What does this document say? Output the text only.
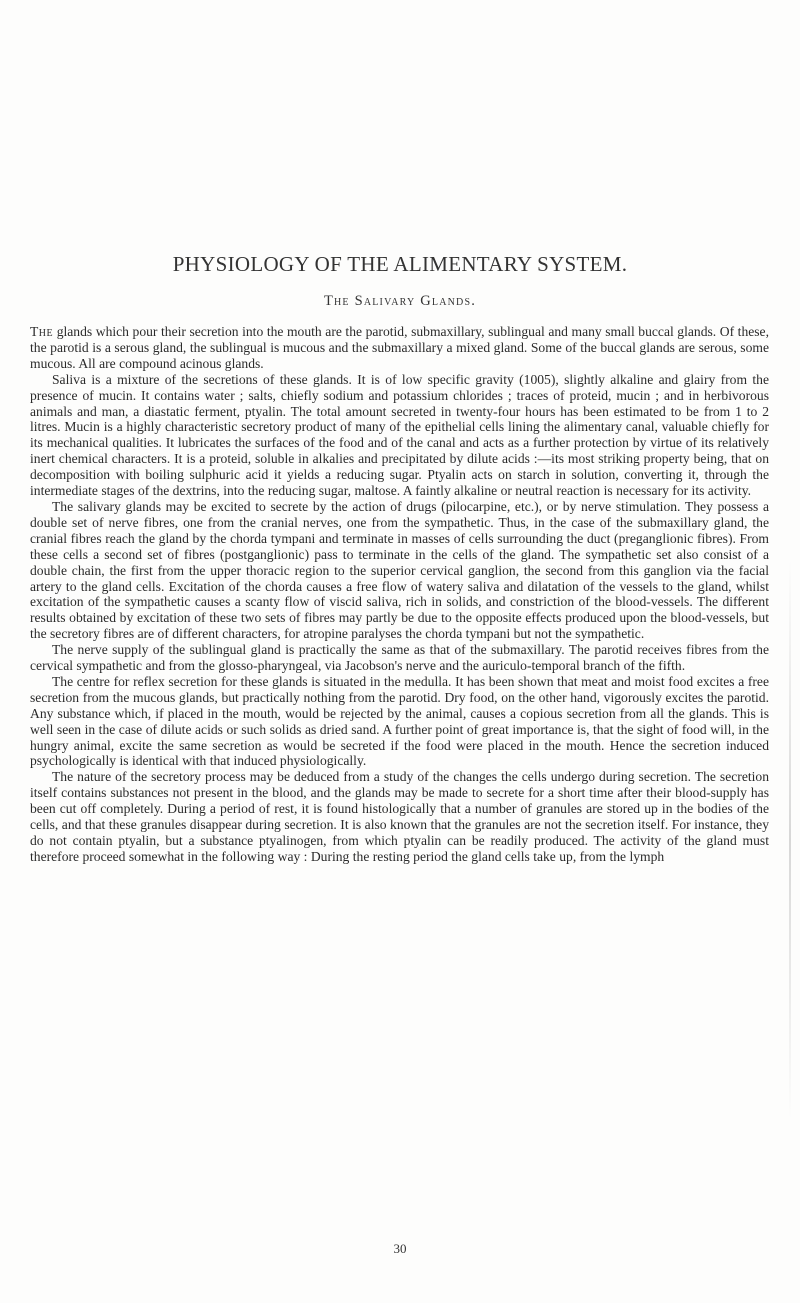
PHYSIOLOGY OF THE ALIMENTARY SYSTEM.
The Salivary Glands.

The glands which pour their secretion into the mouth are the parotid, submaxillary, sublingual and many small buccal glands. Of these, the parotid is a serous gland, the sublingual is mucous and the submaxillary a mixed gland. Some of the buccal glands are serous, some mucous. All are compound acinous glands.

Saliva is a mixture of the secretions of these glands. It is of low specific gravity (1005), slightly alkaline and glairy from the presence of mucin. It contains water ; salts, chiefly sodium and potassium chlorides ; traces of proteid, mucin ; and in herbivorous animals and man, a diastatic ferment, ptyalin. The total amount secreted in twenty-four hours has been estimated to be from 1 to 2 litres. Mucin is a highly characteristic secretory product of many of the epithelial cells lining the alimentary canal, valuable chiefly for its mechanical qualities. It lubricates the surfaces of the food and of the canal and acts as a further protection by virtue of its relatively inert chemical characters. It is a proteid, soluble in alkalies and precipitated by dilute acids :—its most striking property being, that on decomposition with boiling sulphuric acid it yields a reducing sugar. Ptyalin acts on starch in solution, converting it, through the intermediate stages of the dextrins, into the reducing sugar, maltose. A faintly alkaline or neutral reaction is necessary for its activity.

The salivary glands may be excited to secrete by the action of drugs (pilocarpine, etc.), or by nerve stimulation. They possess a double set of nerve fibres, one from the cranial nerves, one from the sympathetic. Thus, in the case of the submaxillary gland, the cranial fibres reach the gland by the chorda tympani and terminate in masses of cells surrounding the duct (preganglionic fibres). From these cells a second set of fibres (postganglionic) pass to terminate in the cells of the gland. The sympathetic set also consist of a double chain, the first from the upper thoracic region to the superior cervical ganglion, the second from this ganglion via the facial artery to the gland cells. Excitation of the chorda causes a free flow of watery saliva and dilatation of the vessels to the gland, whilst excitation of the sympathetic causes a scanty flow of viscid saliva, rich in solids, and constriction of the blood-vessels. The different results obtained by excitation of these two sets of fibres may partly be due to the opposite effects produced upon the blood-vessels, but the secretory fibres are of different characters, for atropine paralyses the chorda tympani but not the sympathetic.

The nerve supply of the sublingual gland is practically the same as that of the submaxillary. The parotid receives fibres from the cervical sympathetic and from the glosso-pharyngeal, via Jacobson's nerve and the auriculo-temporal branch of the fifth.

The centre for reflex secretion for these glands is situated in the medulla. It has been shown that meat and moist food excites a free secretion from the mucous glands, but practically nothing from the parotid. Dry food, on the other hand, vigorously excites the parotid. Any substance which, if placed in the mouth, would be rejected by the animal, causes a copious secretion from all the glands. This is well seen in the case of dilute acids or such solids as dried sand. A further point of great importance is, that the sight of food will, in the hungry animal, excite the same secretion as would be secreted if the food were placed in the mouth. Hence the secretion induced psychologically is identical with that induced physiologically.

The nature of the secretory process may be deduced from a study of the changes the cells undergo during secretion. The secretion itself contains substances not present in the blood, and the glands may be made to secrete for a short time after their blood-supply has been cut off completely. During a period of rest, it is found histologically that a number of granules are stored up in the bodies of the cells, and that these granules disappear during secretion. It is also known that the granules are not the secretion itself. For instance, they do not contain ptyalin, but a substance ptyalinogen, from which ptyalin can be readily produced. The activity of the gland must therefore proceed somewhat in the following way : During the resting period the gland cells take up, from the lymph

30
